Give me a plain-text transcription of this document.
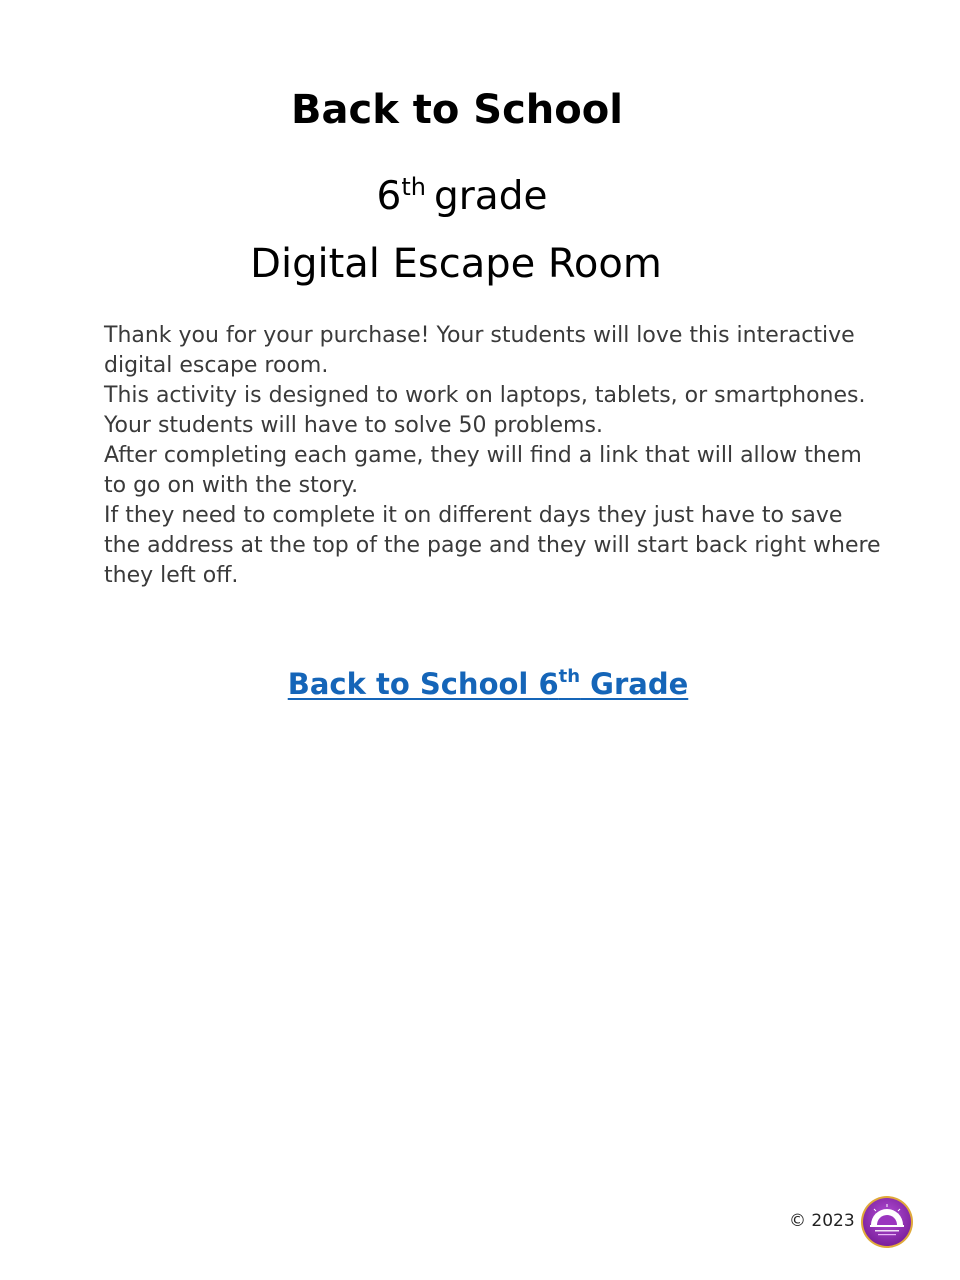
Back to School
6th grade
Digital Escape Room

Thank you for your purchase! Your students will love this interactive digital escape room.

This activity is designed to work on laptops, tablets, or smartphones.

Your students will have to solve 50 problems.

After completing each game, they will find a link that will allow them to go on with the story.

If they need to complete it on different days they just have to save the address at the top of the page and they will start back right where they left off.

Back to School 6th Grade
© 2023
